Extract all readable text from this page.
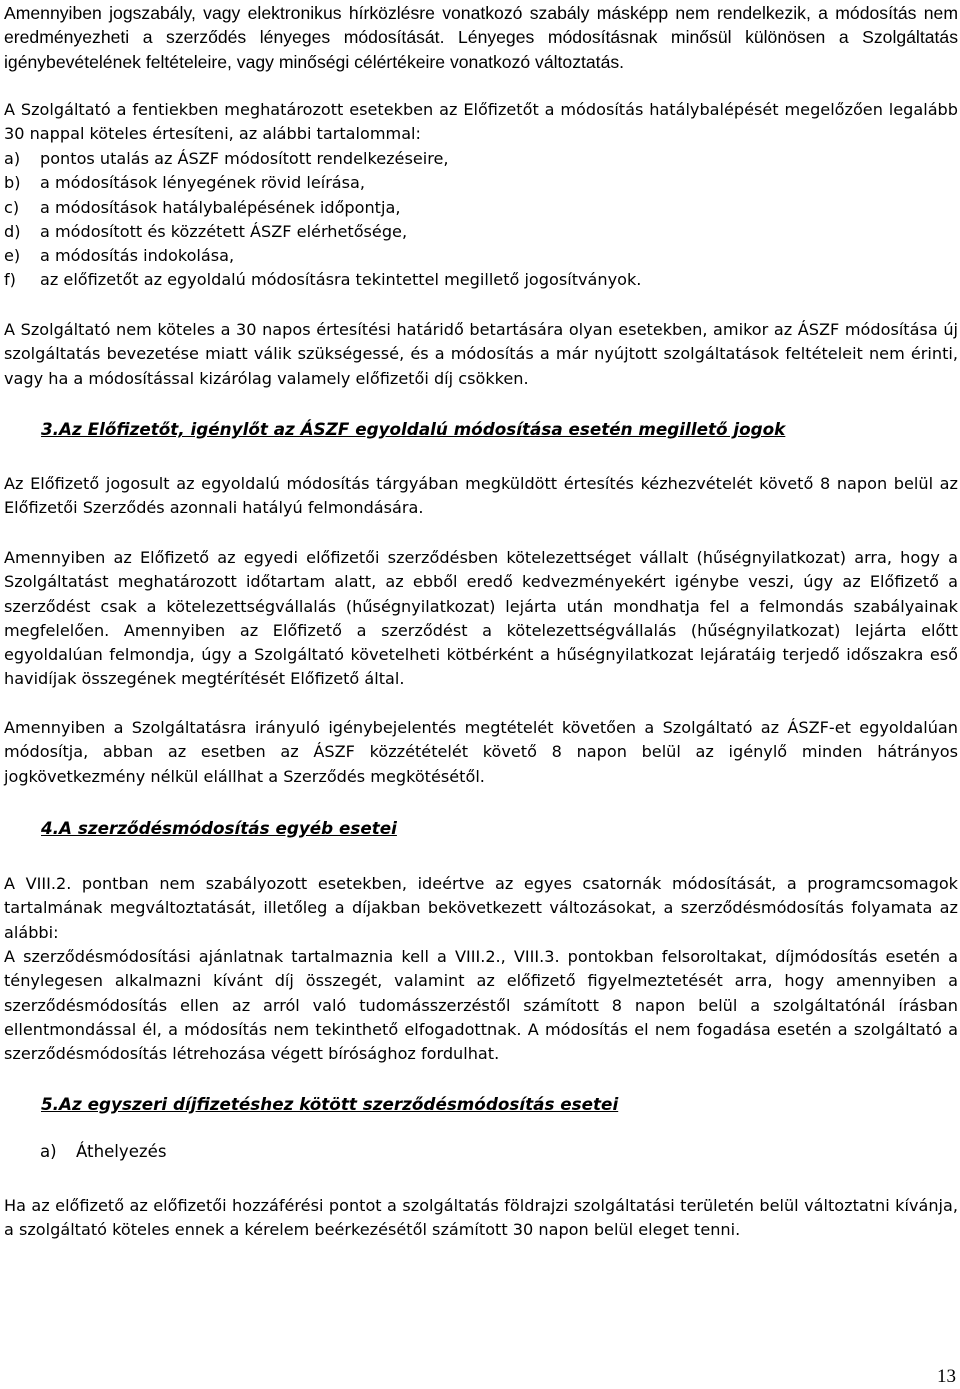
Amennyiben jogszabály, vagy elektronikus hírközlésre vonatkozó szabály másképp nem rendelkezik, a módosítás nem eredményezheti a szerződés lényeges módosítását. Lényeges módosításnak minősül különösen a Szolgáltatás igénybevételének feltételeire, vagy minőségi célértékeire vonatkozó változtatás.

A Szolgáltató a fentiekben meghatározott esetekben az Előfizetőt a módosítás hatálybalépését megelőzően legalább 30 nappal köteles értesíteni, az alábbi tartalommal:

a)	pontos utalás az ÁSZF módosított rendelkezéseire,
b)	a módosítások lényegének rövid leírása,
c)	a módosítások hatálybalépésének időpontja,
d)	a módosított és közzétett ÁSZF elérhetősége,
e)	a módosítás indokolása,
f)	az előfizetőt az egyoldalú módosításra tekintettel megillető jogosítványok.

A Szolgáltató nem köteles a 30 napos értesítési határidő betartására olyan esetekben, amikor az ÁSZF módosítása új szolgáltatás bevezetése miatt válik szükségessé, és a módosítás a már nyújtott szolgáltatások feltételeit nem érinti, vagy ha a módosítással kizárólag valamely előfizetői díj csökken.

3.Az Előfizetőt, igénylőt az ÁSZF egyoldalú módosítása esetén megillető jogok

Az Előfizető jogosult az egyoldalú módosítás tárgyában megküldött értesítés kézhezvételét követő 8 napon belül az Előfizetői Szerződés azonnali hatályú felmondására.

Amennyiben az Előfizető az egyedi előfizetői szerződésben kötelezettséget vállalt (hűségnyilatkozat) arra, hogy a Szolgáltatást meghatározott időtartam alatt, az ebből eredő kedvezményekért igénybe veszi, úgy az Előfizető a szerződést csak a kötelezettségvállalás (hűségnyilatkozat) lejárta után mondhatja fel a felmondás szabályainak megfelelően. Amennyiben az Előfizető a szerződést a kötelezettségvállalás (hűségnyilatkozat) lejárta előtt egyoldalúan felmondja, úgy a Szolgáltató követelheti kötbérként a hűségnyilatkozat lejáratáig terjedő időszakra eső havidíjak összegének megtérítését Előfizető által.

Amennyiben a Szolgáltatásra irányuló igénybejelentés megtételét követően a Szolgáltató az ÁSZF-et egyoldalúan módosítja, abban az esetben az ÁSZF közzétételét követő 8 napon belül az igénylő minden hátrányos jogkövetkezmény nélkül elállhat a Szerződés megkötésétől.

4.A szerződésmódosítás egyéb esetei

A VIII.2. pontban nem szabályozott esetekben, ideértve az egyes csatornák módosítását, a programcsomagok tartalmának megváltoztatását, illetőleg a díjakban bekövetkezett változásokat, a szerződésmódosítás folyamata az alábbi:

A szerződésmódosítási ajánlatnak tartalmaznia kell a VIII.2., VIII.3. pontokban felsoroltakat, díjmódosítás esetén a ténylegesen alkalmazni kívánt díj összegét, valamint az előfizető figyelmeztetését arra, hogy amennyiben a szerződésmódosítás ellen az arról való tudomásszerzéstől számított 8 napon belül a szolgáltatónál írásban ellentmondással él, a módosítás nem tekinthető elfogadottnak. A módosítás el nem fogadása esetén a szolgáltató a szerződésmódosítás létrehozása végett bírósághoz fordulhat.

5.Az egyszeri díjfizetéshez kötött szerződésmódosítás esetei

a) Áthelyezés

Ha az előfizető az előfizetői hozzáférési pontot a szolgáltatás földrajzi szolgáltatási területén belül változtatni kívánja, a szolgáltató köteles ennek a kérelem beérkezésétől számított 30 napon belül eleget tenni.

13
